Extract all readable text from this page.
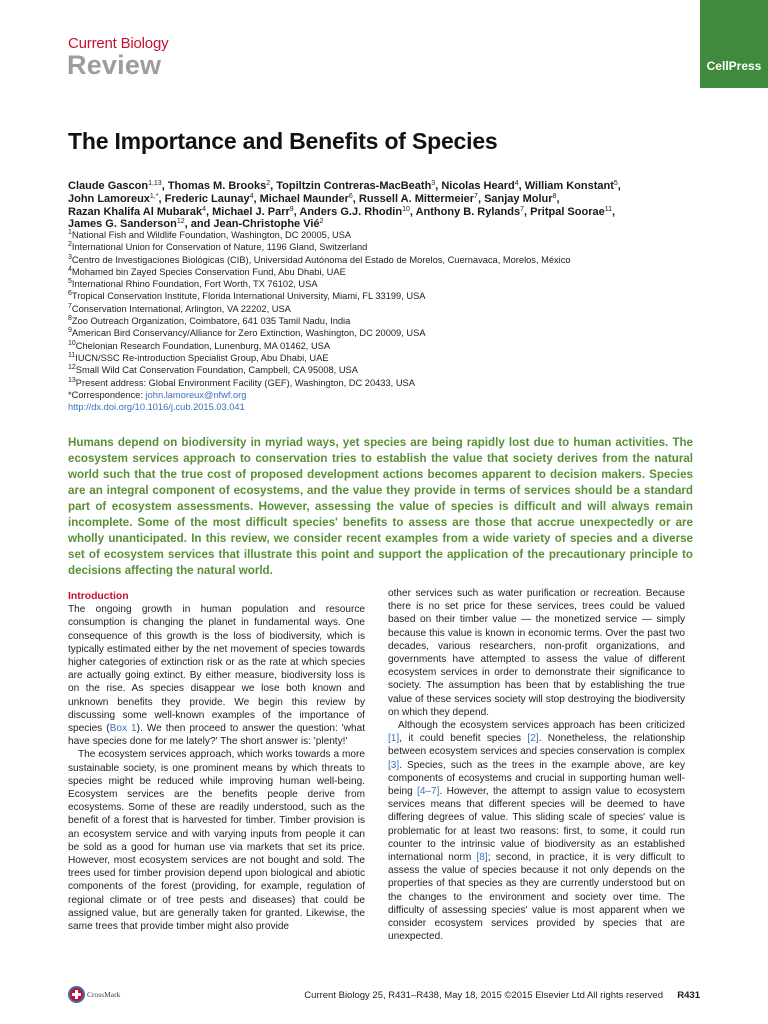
Current Biology
Review	CellPress
The Importance and Benefits of Species
Claude Gascon$^{1,13}$, Thomas M. Brooks$^2$, Topiltzin Contreras-MacBeath$^3$, Nicolas Heard$^4$, William Konstant$^5$,
John Lamoreux$^{1,*}$, Frederic Launay$^4$, Michael Maunder$^6$, Russell A. Mittermeier$^7$, Sanjay Molur$^8$,
Razan Khalifa Al Mubarak$^4$, Michael J. Parr$^9$, Anders G.J. Rhodin$^{10}$, Anthony B. Rylands$^7$, Pritpal Soorae$^{11}$,
James G. Sanderson$^{12}$, and Jean-Christophe Vié$^2$
$^1$National Fish and Wildlife Foundation, Washington, DC 20005, USA
$^2$International Union for Conservation of Nature, 1196 Gland, Switzerland
$^3$Centro de Investigaciones Biológicas (CIB), Universidad Autónoma del Estado de Morelos, Cuernavaca, Morelos, México
$^4$Mohamed bin Zayed Species Conservation Fund, Abu Dhabi, UAE
$^5$International Rhino Foundation, Fort Worth, TX 76102, USA
$^6$Tropical Conservation Institute, Florida International University, Miami, FL 33199, USA
$^7$Conservation International, Arlington, VA 22202, USA
$^8$Zoo Outreach Organization, Coimbatore, 641 035 Tamil Nadu, India
$^9$American Bird Conservancy/Alliance for Zero Extinction, Washington, DC 20009, USA
$^{10}$Chelonian Research Foundation, Lunenburg, MA 01462, USA
$^{11}$IUCN/SSC Re-introduction Specialist Group, Abu Dhabi, UAE
$^{12}$Small Wild Cat Conservation Foundation, Campbell, CA 95008, USA
$^{13}$Present address: Global Environment Facility (GEF), Washington, DC 20433, USA
*Correspondence: john.lamoreux@nfwf.org
http://dx.doi.org/10.1016/j.cub.2015.03.041

Humans depend on biodiversity in myriad ways, yet species are being rapidly lost due to human activities. The ecosystem services approach to conservation tries to establish the value that society derives from the natural world such that the true cost of proposed development actions becomes apparent to decision makers. Species are an integral component of ecosystems, and the value they provide in terms of services should be a standard part of ecosystem assessments. However, assessing the value of species is difficult and will always remain incomplete. Some of the most difficult species' benefits to assess are those that accrue unexpectedly or are wholly unanticipated. In this review, we consider recent examples from a wide variety of species and a diverse set of ecosystem services that illustrate this point and support the application of the precautionary principle to decisions affecting the natural world.

Introduction

The ongoing growth in human population and resource consumption is changing the planet in fundamental ways. One consequence of this growth is the loss of biodiversity, which is typically estimated either by the net movement of species towards higher categories of extinction risk or as the rate at which species are actually going extinct. By either measure, biodiversity loss is on the rise. As species disappear we lose both known and unknown benefits they provide. We begin this review by discussing some well-known examples of the importance of species (Box 1). We then proceed to answer the question: 'what have species done for me lately?' The short answer is: 'plenty!'

The ecosystem services approach, which works towards a more sustainable society, is one prominent means by which threats to species might be reduced while improving human well-being. Ecosystem services are the benefits people derive from ecosystems. Some of these are readily understood, such as the benefit of a forest that is harvested for timber. Timber provision is an ecosystem service and with varying inputs from people it can be sold as a good for human use via markets that set its price. However, most ecosystem services are not bought and sold. The trees used for timber provision depend upon biological and abiotic components of the forest (providing, for example, regulation of regional climate or of tree pests and diseases) that could be assigned value, but are generally taken for granted. Likewise, the same trees that provide timber might also provide

other services such as water purification or recreation. Because there is no set price for these services, trees could be valued based on their timber value — the monetized service — simply because this value is known in economic terms. Over the past two decades, various researchers, non-profit organizations, and governments have attempted to assess the value of different ecosystem services in order to demonstrate their significance to society. The assumption has been that by establishing the true value of these services society will stop destroying the biodiversity on which they depend.

Although the ecosystem services approach has been criticized [1], it could benefit species [2]. Nonetheless, the relationship between ecosystem services and species conservation is complex [3]. Species, such as the trees in the example above, are key components of ecosystems and crucial in supporting human well-being [4–7]. However, the attempt to assign value to ecosystem services means that different species will be deemed to have differing degrees of value. This sliding scale of species' value is problematic for at least two reasons: first, to some, it could run counter to the intrinsic value of biodiversity as an established international norm [8]; second, in practice, it is very difficult to assess the value of species because it not only depends on the properties of that species as they are currently understood but on the changes to the environment and society over time. The difficulty of assessing species' value is most apparent when we consider ecosystem services provided by species that are unexpected.

CrossMark	Current Biology 25, R431–R438, May 18, 2015 ©2015 Elsevier Ltd All rights reserved R431
